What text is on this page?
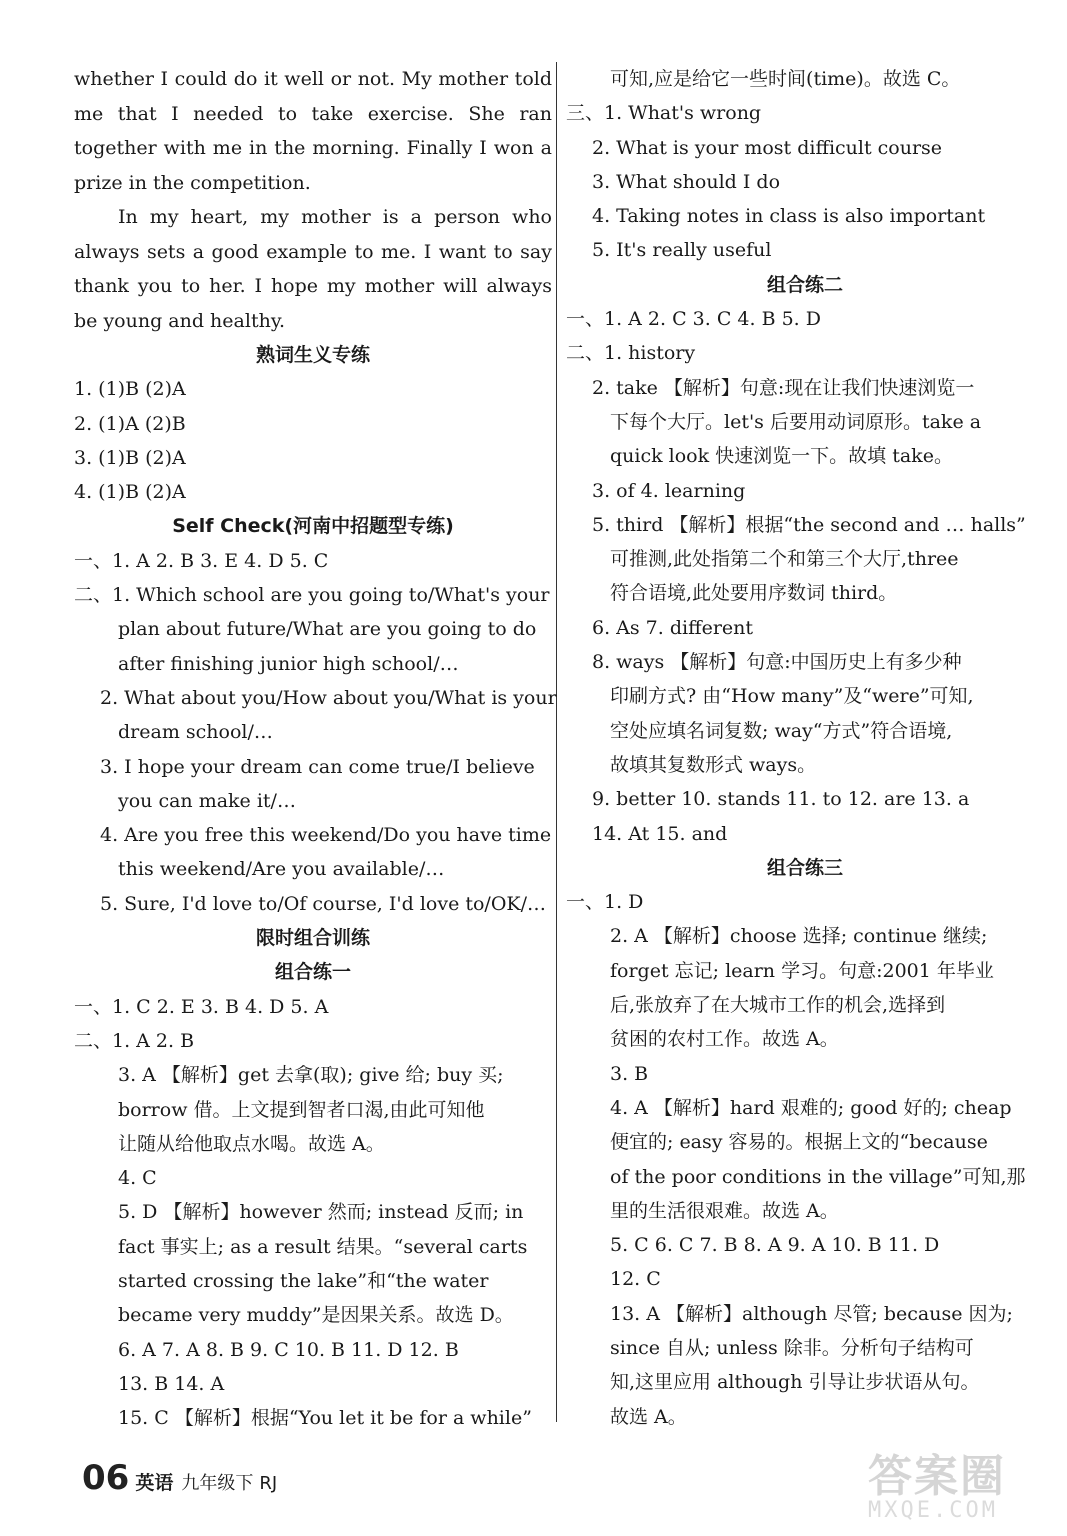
whether I could do it well or not. My mother told me that I needed to take exercise. She ran together with me in the morning. Finally I won a prize in the competition.

In my heart, my mother is a person who always sets a good example to me. I want to say thank you to her. I hope my mother will always be young and healthy.

熟词生义专练
1. (1)B (2)A
2. (1)A (2)B
3. (1)B (2)A
4. (1)B (2)A
Self Check(河南中招题型专练)
一、1. A 2. B 3. E 4. D 5. C
二、1. Which school are you going to/What's your
plan about future/What are you going to do
after finishing junior high school/…
2. What about you/How about you/What is your
dream school/…
3. I hope your dream can come true/I believe
you can make it/…
4. Are you free this weekend/Do you have time
this weekend/Are you available/…
5. Sure, I'd love to/Of course, I'd love to/OK/…
限时组合训练
组合练一
一、1. C 2. E 3. B 4. D 5. A
二、1. A 2. B
3. A 【解析】get 去拿(取); give 给; buy 买;
borrow 借。上文提到智者口渴,由此可知他
让随从给他取点水喝。故选 A。
4. C
5. D 【解析】however 然而; instead 反而; in
fact 事实上; as a result 结果。“several carts
started crossing the lake”和“the water
became very muddy”是因果关系。故选 D。
6. A 7. A 8. B 9. C 10. B 11. D 12. B
13. B 14. A
15. C 【解析】根据“You let it be for a while”
可知,应是给它一些时间(time)。故选 C。
三、1. What's wrong
2. What is your most difficult course
3. What should I do
4. Taking notes in class is also important
5. It's really useful
组合练二
一、1. A 2. C 3. C 4. B 5. D
二、1. history
2. take 【解析】句意:现在让我们快速浏览一
下每个大厅。let's 后要用动词原形。take a
quick look 快速浏览一下。故填 take。
3. of 4. learning
5. third 【解析】根据“the second and … halls”
可推测,此处指第二个和第三个大厅,three
符合语境,此处要用序数词 third。
6. As 7. different
8. ways 【解析】句意:中国历史上有多少种
印刷方式? 由“How many”及“were”可知,
空处应填名词复数; way“方式”符合语境,
故填其复数形式 ways。
9. better 10. stands 11. to 12. are 13. a
14. At 15. and
组合练三
一、1. D
2. A 【解析】choose 选择; continue 继续;
forget 忘记; learn 学习。句意:2001 年毕业
后,张放弃了在大城市工作的机会,选择到
贫困的农村工作。故选 A。
3. B
4. A 【解析】hard 艰难的; good 好的; cheap
便宜的; easy 容易的。根据上文的“because
of the poor conditions in the village”可知,那
里的生活很艰难。故选 A。
5. C 6. C 7. B 8. A 9. A 10. B 11. D
12. C
13. A 【解析】although 尽管; because 因为;
since 自从; unless 除非。分析句子结构可
知,这里应用 although 引导让步状语从句。
故选 A。
06 英语 九年级下 RJ	答案圈
MXQE.COM
